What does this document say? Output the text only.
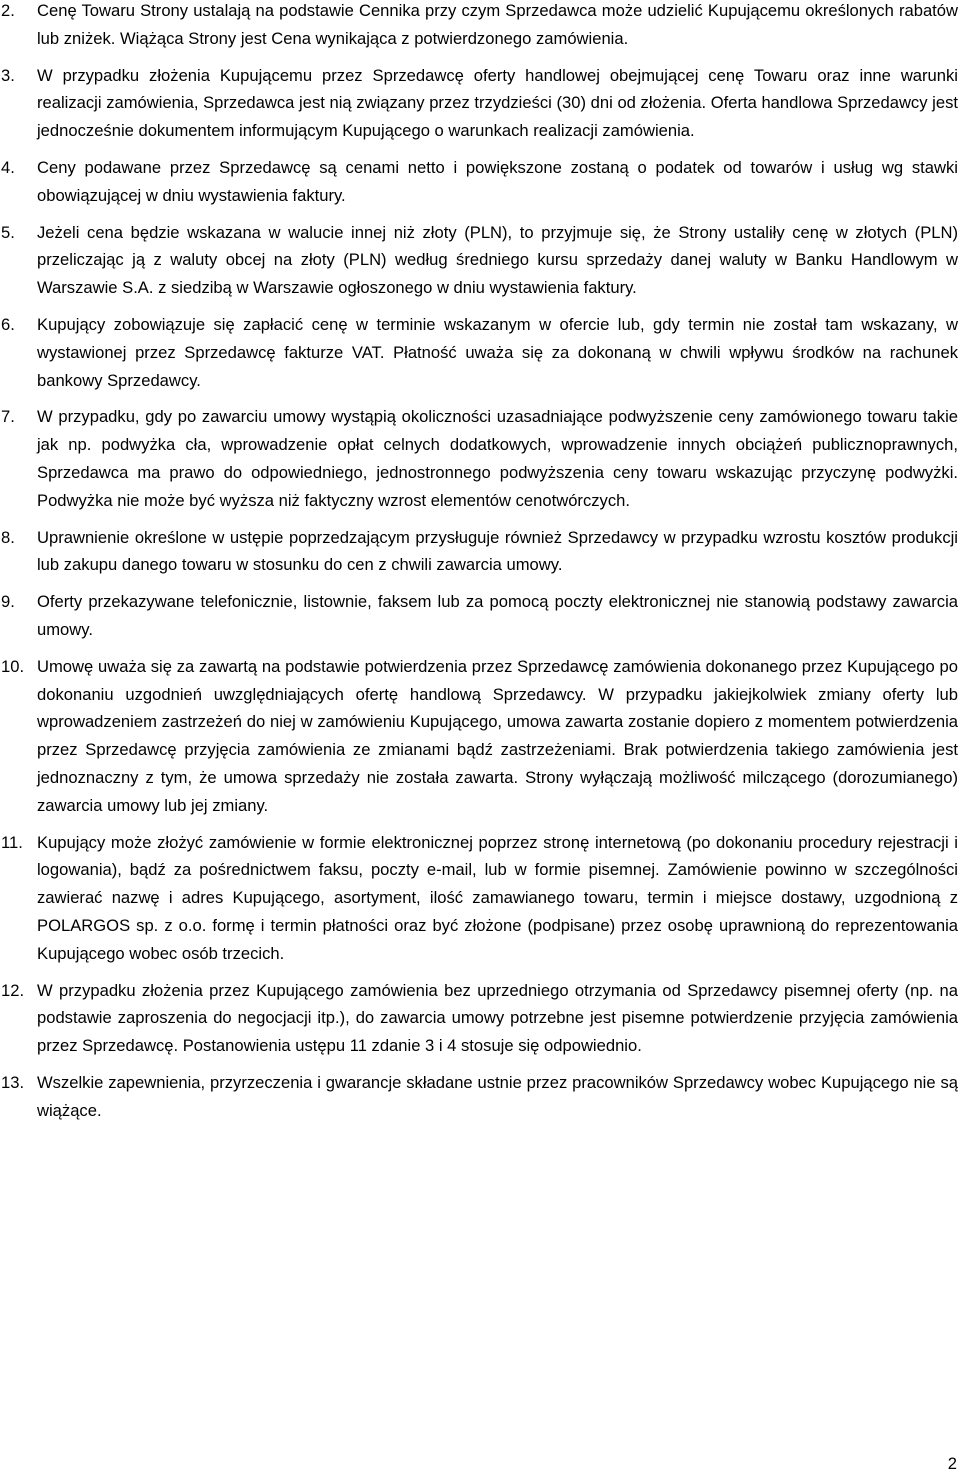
2.	Cenę Towaru Strony ustalają na podstawie Cennika przy czym Sprzedawca może udzielić Kupującemu określonych rabatów lub zniżek. Wiążąca Strony jest Cena wynikająca z potwierdzonego zamówienia.
3.	W przypadku złożenia Kupującemu przez Sprzedawcę oferty handlowej obejmującej cenę Towaru oraz inne warunki realizacji zamówienia, Sprzedawca jest nią związany przez trzydzieści (30) dni od złożenia. Oferta handlowa Sprzedawcy jest jednocześnie dokumentem informującym Kupującego o warunkach realizacji zamówienia.
4.	Ceny podawane przez Sprzedawcę są cenami netto i powiększone zostaną o podatek od towarów i usług wg stawki obowiązującej w dniu wystawienia faktury.
5.	Jeżeli cena będzie wskazana w walucie innej niż złoty (PLN), to przyjmuje się, że Strony ustaliły cenę w złotych (PLN) przeliczając ją z waluty obcej na złoty (PLN) według średniego kursu sprzedaży danej waluty w Banku Handlowym w Warszawie S.A. z siedzibą w Warszawie ogłoszonego w dniu wystawienia faktury.
6.	Kupujący zobowiązuje się zapłacić cenę w terminie wskazanym w ofercie lub, gdy termin nie został tam wskazany, w wystawionej przez Sprzedawcę fakturze VAT. Płatność uważa się za dokonaną w chwili wpływu środków na rachunek bankowy Sprzedawcy.
7.	W przypadku, gdy po zawarciu umowy wystąpią okoliczności uzasadniające podwyższenie ceny zamówionego towaru takie jak np. podwyżka cła, wprowadzenie opłat celnych dodatkowych, wprowadzenie innych obciążeń publicznoprawnych, Sprzedawca ma prawo do odpowiedniego, jednostronnego podwyższenia ceny towaru wskazując przyczynę podwyżki. Podwyżka nie może być wyższa niż faktyczny wzrost elementów cenotwórczych.
8.	Uprawnienie określone w ustępie poprzedzającym przysługuje również Sprzedawcy w przypadku wzrostu kosztów produkcji lub zakupu danego towaru w stosunku do cen z chwili zawarcia umowy.
9.	Oferty przekazywane telefonicznie, listownie, faksem lub za pomocą poczty elektronicznej nie stanowią podstawy zawarcia umowy.
10. Umowę uważa się za zawartą na podstawie potwierdzenia przez Sprzedawcę zamówienia dokonanego przez Kupującego po dokonaniu uzgodnień uwzględniających ofertę handlową Sprzedawcy. W przypadku jakiejkolwiek zmiany oferty lub wprowadzeniem zastrzeżeń do niej w zamówieniu Kupującego, umowa zawarta zostanie dopiero z momentem potwierdzenia przez Sprzedawcę przyjęcia zamówienia ze zmianami bądź zastrzeżeniami. Brak potwierdzenia takiego zamówienia jest jednoznaczny z tym, że umowa sprzedaży nie została zawarta. Strony wyłączają możliwość milczącego (dorozumianego) zawarcia umowy lub jej zmiany.
11. Kupujący może złożyć zamówienie w formie elektronicznej poprzez stronę internetową (po dokonaniu procedury rejestracji i logowania), bądź za pośrednictwem faksu, poczty e-mail, lub w formie pisemnej. Zamówienie powinno w szczególności zawierać nazwę i adres Kupującego, asortyment, ilość zamawianego towaru, termin i miejsce dostawy, uzgodnioną z POLARGOS sp. z o.o. formę i termin płatności oraz być złożone (podpisane) przez osobę uprawnioną do reprezentowania Kupującego wobec osób trzecich.
12. W przypadku złożenia przez Kupującego zamówienia bez uprzedniego otrzymania od Sprzedawcy pisemnej oferty (np. na podstawie zaproszenia do negocjacji itp.), do zawarcia umowy potrzebne jest pisemne potwierdzenie przyjęcia zamówienia przez Sprzedawcę. Postanowienia ustępu 11 zdanie 3 i 4 stosuje się odpowiednio.
13. Wszelkie zapewnienia, przyrzeczenia i gwarancje składane ustnie przez pracowników Sprzedawcy wobec Kupującego nie są wiążące.
2
